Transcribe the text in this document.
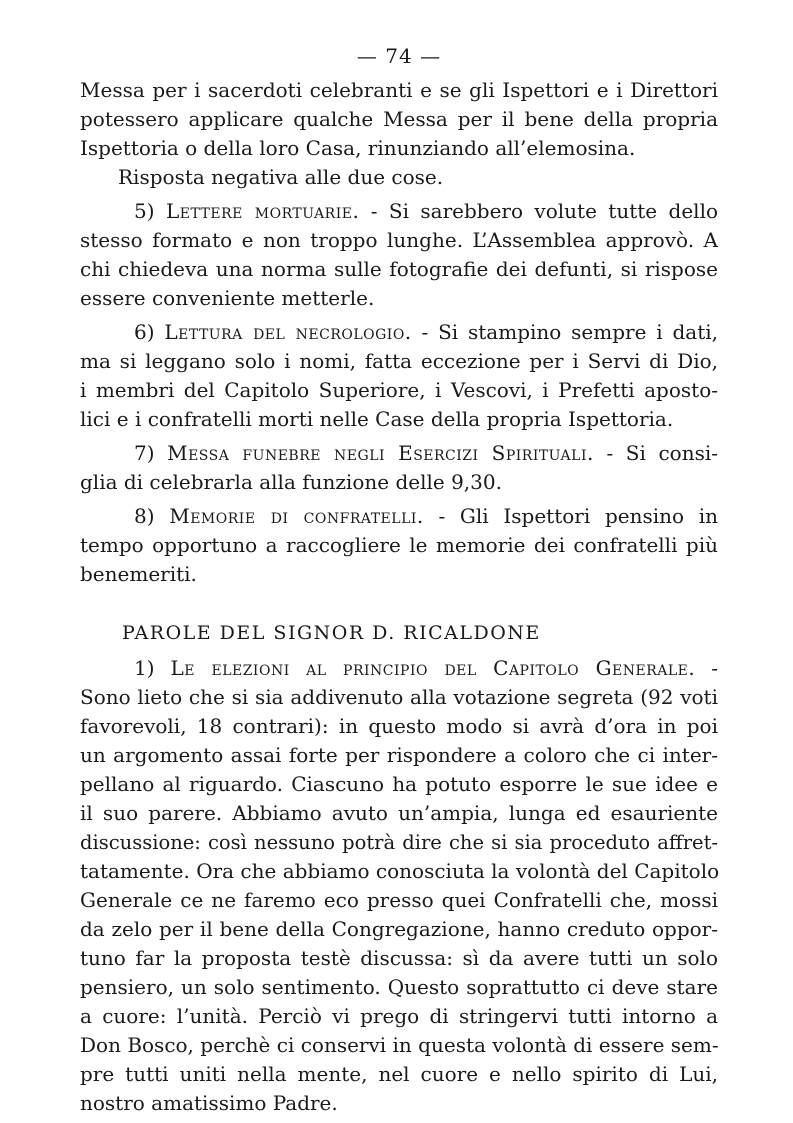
— 74 —
Messa per i sacerdoti celebranti e se gli Ispettori e i Direttori
potessero applicare qualche Messa per il bene della propria
Ispettoria o della loro Casa, rinunziando all’elemosina.
Risposta negativa alle due cose.
5) Lettere mortuarie. - Si sarebbero volute tutte dello
stesso formato e non troppo lunghe. L’Assemblea approvò. A
chi chiedeva una norma sulle fotografie dei defunti, si rispose
essere conveniente metterle.
6) Lettura del necrologio. - Si stampino sempre i dati,
ma si leggano solo i nomi, fatta eccezione per i Servi di Dio,
i membri del Capitolo Superiore, i Vescovi, i Prefetti aposto-
lici e i confratelli morti nelle Case della propria Ispettoria.
7) Messa funebre negli Esercizi Spirituali. - Si consi-
glia di celebrarla alla funzione delle 9,30.
8) Memorie di confratelli. - Gli Ispettori pensino in
tempo opportuno a raccogliere le memorie dei confratelli più
benemeriti.
PAROLE DEL SIGNOR D. RICALDONE
1) Le elezioni al principio del Capitolo Generale. -
Sono lieto che si sia addivenuto alla votazione segreta (92 voti
favorevoli, 18 contrari): in questo modo si avrà d’ora in poi
un argomento assai forte per rispondere a coloro che ci inter-
pellano al riguardo. Ciascuno ha potuto esporre le sue idee e
il suo parere. Abbiamo avuto un’ampia, lunga ed esauriente
discussione: così nessuno potrà dire che si sia proceduto affret-
tatamente. Ora che abbiamo conosciuta la volontà del Capitolo
Generale ce ne faremo eco presso quei Confratelli che, mossi
da zelo per il bene della Congregazione, hanno creduto oppor-
tuno far la proposta testè discussa: sì da avere tutti un solo
pensiero, un solo sentimento. Questo soprattutto ci deve stare
a cuore: l’unità. Perciò vi prego di stringervi tutti intorno a
Don Bosco, perchè ci conservi in questa volontà di essere sem-
pre tutti uniti nella mente, nel cuore e nello spirito di Lui,
nostro amatissimo Padre.
